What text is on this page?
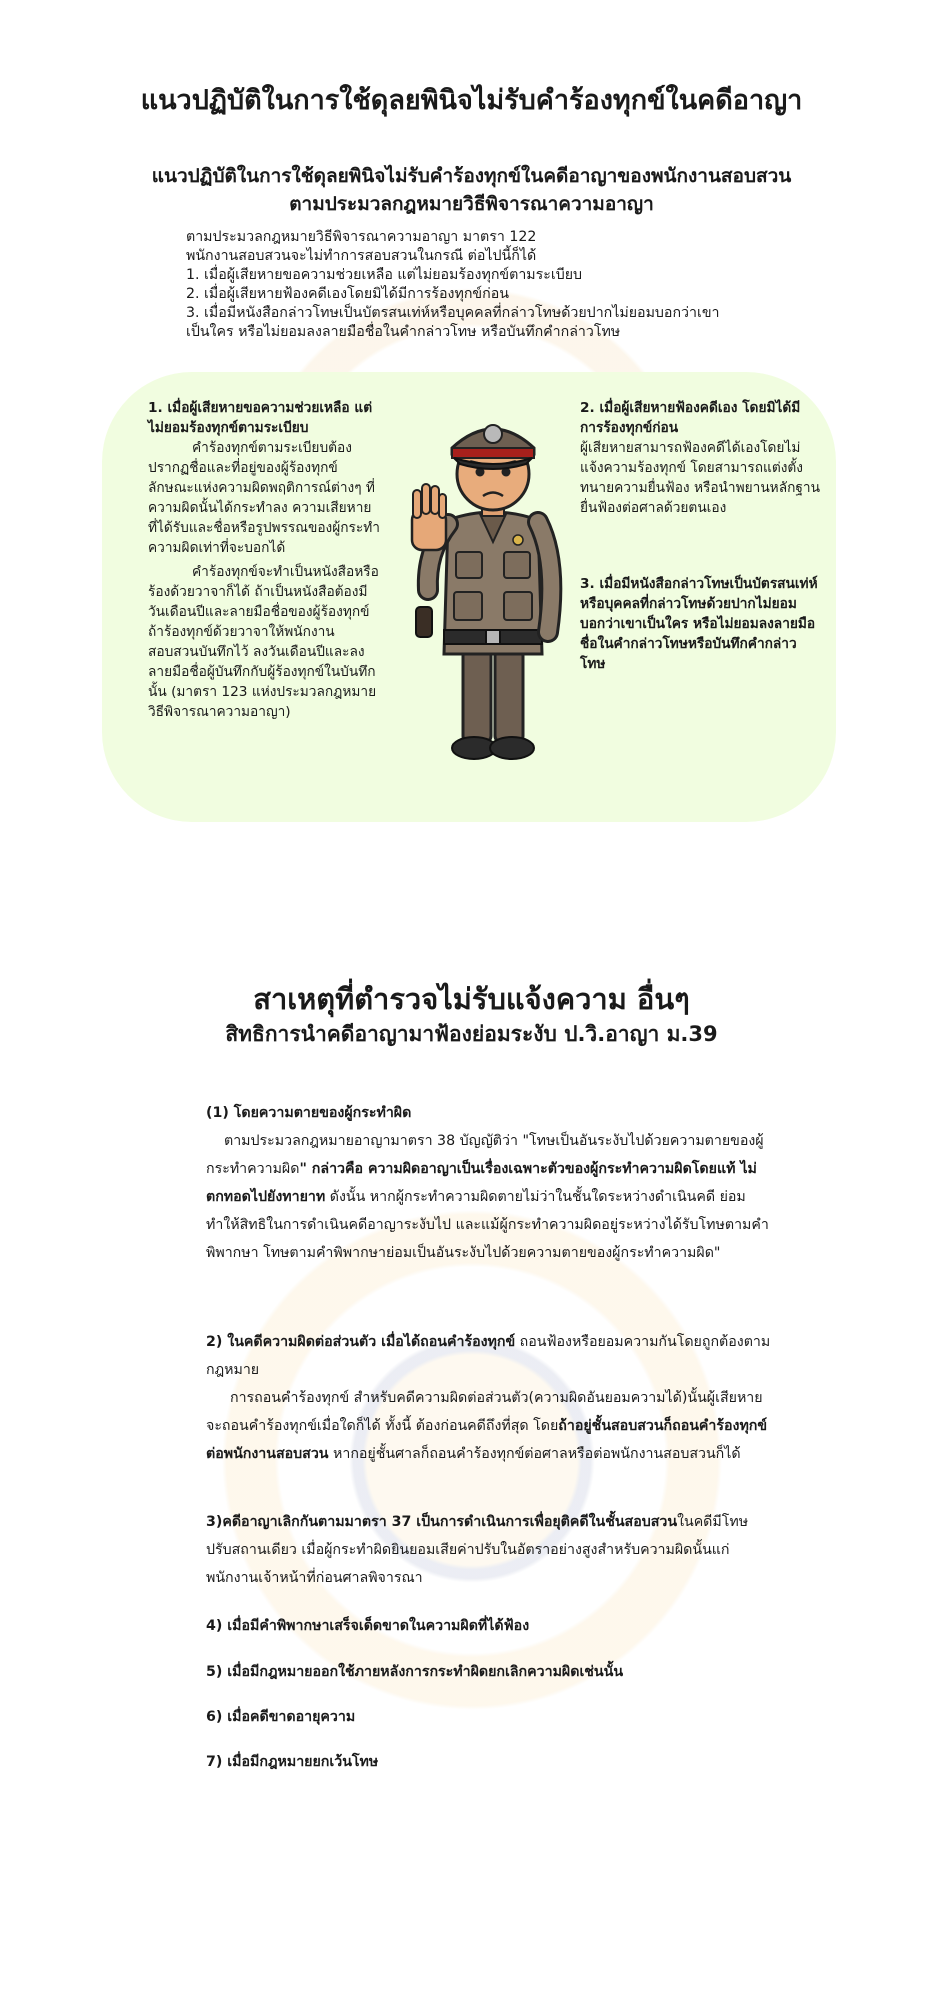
แนวปฏิบัติในการใช้ดุลยพินิจไม่รับคำร้องทุกข์ในคดีอาญา
แนวปฏิบัติในการใช้ดุลยพินิจไม่รับคำร้องทุกข์ในคดีอาญาของพนักงานสอบสวน
ตามประมวลกฎหมายวิธีพิจารณาความอาญา
ตามประมวลกฎหมายวิธีพิจารณาความอาญา มาตรา 122
พนักงานสอบสวนจะไม่ทำการสอบสวนในกรณี ต่อไปนี้ก็ได้
1. เมื่อผู้เสียหายขอความช่วยเหลือ แต่ไม่ยอมร้องทุกข์ตามระเบียบ
2. เมื่อผู้เสียหายฟ้องคดีเองโดยมิได้มีการร้องทุกข์ก่อน
3. เมื่อมีหนังสือกล่าวโทษเป็นบัตรสนเท่ห์หรือบุคคลที่กล่าวโทษด้วยปากไม่ยอมบอกว่าเขา
เป็นใคร หรือไม่ยอมลงลายมือชื่อในคำกล่าวโทษ หรือบันทึกคำกล่าวโทษ
1. เมื่อผู้เสียหายขอความช่วยเหลือ แต่ไม่ยอมร้องทุกข์ตามระเบียบ
คำร้องทุกข์ตามระเบียบต้องปรากฏชื่อและที่อยู่ของผู้ร้องทุกข์ ลักษณะแห่งความผิดพฤติการณ์ต่างๆ ที่ความผิดนั้นได้กระทำลง ความเสียหายที่ได้รับและชื่อหรือรูปพรรณของผู้กระทำความผิดเท่าที่จะบอกได้
คำร้องทุกข์จะทำเป็นหนังสือหรือร้องด้วยวาจาก็ได้ ถ้าเป็นหนังสือต้องมีวันเดือนปีและลายมือชื่อของผู้ร้องทุกข์ ถ้าร้องทุกข์ด้วยวาจาให้พนักงานสอบสวนบันทึกไว้ ลงวันเดือนปีและลงลายมือชื่อผู้บันทึกกับผู้ร้องทุกข์ในบันทึกนั้น (มาตรา 123 แห่งประมวลกฎหมายวิธีพิจารณาความอาญา)
2. เมื่อผู้เสียหายฟ้องคดีเอง โดยมิได้มีการร้องทุกข์ก่อน
ผู้เสียหายสามารถฟ้องคดีได้เองโดยไม่แจ้งความร้องทุกข์ โดยสามารถแต่งตั้งทนายความยื่นฟ้อง หรือนำพยานหลักฐาน ยื่นฟ้องต่อศาลด้วยตนเอง
3. เมื่อมีหนังสือกล่าวโทษเป็นบัตรสนเท่ห์หรือบุคคลที่กล่าวโทษด้วยปากไม่ยอมบอกว่าเขาเป็นใคร หรือไม่ยอมลงลายมือชื่อในคำกล่าวโทษหรือบันทึกคำกล่าวโทษ
สาเหตุที่ตำรวจไม่รับแจ้งความ อื่นๆ
สิทธิการนำคดีอาญามาฟ้องย่อมระงับ ป.วิ.อาญา ม.39
(1) โดยความตายของผู้กระทำผิด
ตามประมวลกฎหมายอาญามาตรา 38 บัญญัติว่า "โทษเป็นอันระงับไปด้วยความตายของผู้กระทำความผิด" กล่าวคือ ความผิดอาญาเป็นเรื่องเฉพาะตัวของผู้กระทำความผิดโดยแท้ ไม่ตกทอดไปยังทายาท ดังนั้น หากผู้กระทำความผิดตายไม่ว่าในชั้นใดระหว่างดำเนินคดี ย่อมทำให้สิทธิในการดำเนินคดีอาญาระงับไป และแม้ผู้กระทำความผิดอยู่ระหว่างได้รับโทษตามคำพิพากษา โทษตามคำพิพากษาย่อมเป็นอันระงับไปด้วยความตายของผู้กระทำความผิด"
2) ในคดีความผิดต่อส่วนตัว เมื่อได้ถอนคำร้องทุกข์ ถอนฟ้องหรือยอมความกันโดยถูกต้องตามกฎหมาย
การถอนคำร้องทุกข์ สำหรับคดีความผิดต่อส่วนตัว(ความผิดอันยอมความได้)นั้นผู้เสียหายจะถอนคำร้องทุกข์เมื่อใดก็ได้ ทั้งนี้ ต้องก่อนคดีถึงที่สุด โดยถ้าอยู่ชั้นสอบสวนก็ถอนคำร้องทุกข์ต่อพนักงานสอบสวน หากอยู่ชั้นศาลก็ถอนคำร้องทุกข์ต่อศาลหรือต่อพนักงานสอบสวนก็ได้
3)คดีอาญาเลิกกันตามมาตรา 37 เป็นการดำเนินการเพื่อยุติคดีในชั้นสอบสวนในคดีมีโทษปรับสถานเดียว เมื่อผู้กระทำผิดยินยอมเสียค่าปรับในอัตราอย่างสูงสำหรับความผิดนั้นแก่พนักงานเจ้าหน้าที่ก่อนศาลพิจารณา
4) เมื่อมีคำพิพากษาเสร็จเด็ดขาดในความผิดที่ได้ฟ้อง
5) เมื่อมีกฎหมายออกใช้ภายหลังการกระทำผิดยกเลิกความผิดเช่นนั้น
6) เมื่อคดีขาดอายุความ
7) เมื่อมีกฎหมายยกเว้นโทษ
